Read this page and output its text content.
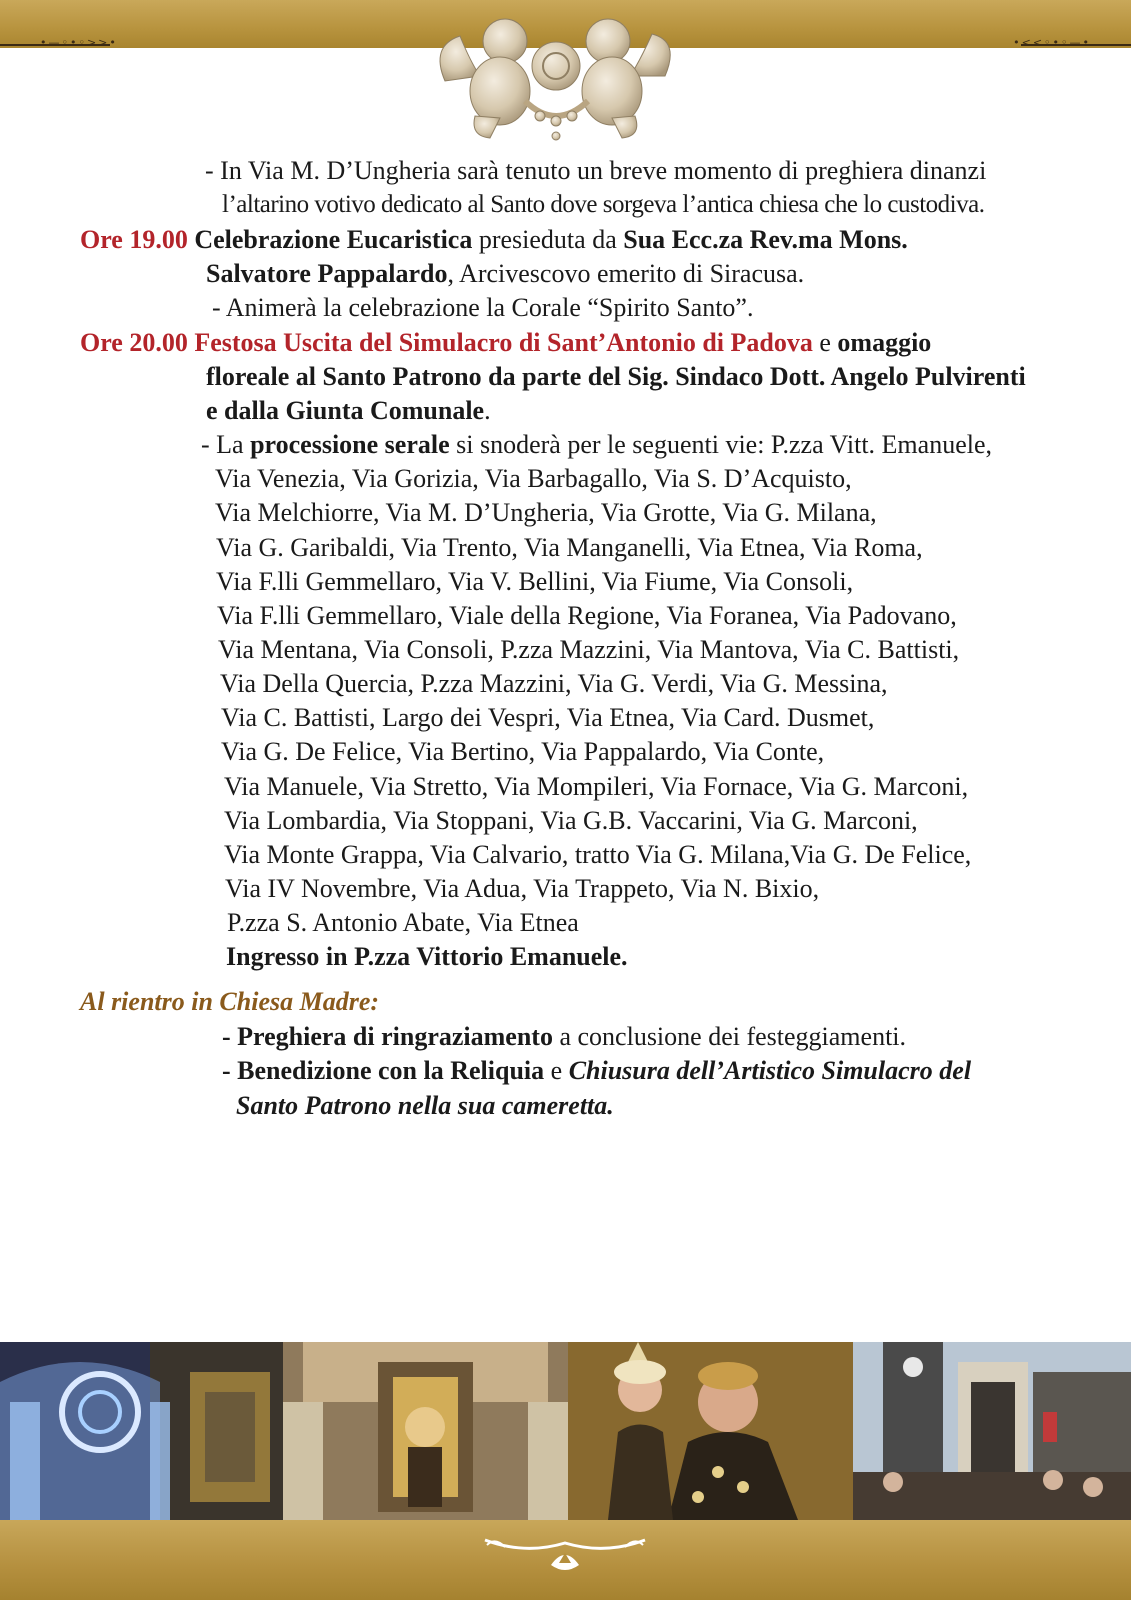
•—◦•◦>>•	•<<◦•◦—•
- In Via M. D’Ungheria sarà tenuto un breve momento di preghiera dinanzi
l’altarino votivo dedicato al Santo dove sorgeva l’antica chiesa che lo custodiva.
Ore 19.00 Celebrazione Eucaristica presieduta da Sua Ecc.za Rev.ma Mons.
Salvatore Pappalardo, Arcivescovo emerito di Siracusa.
- Animerà la celebrazione la Corale “Spirito Santo”.
Ore 20.00 Festosa Uscita del Simulacro di Sant’Antonio di Padova e omaggio
floreale al Santo Patrono da parte del Sig. Sindaco Dott. Angelo Pulvirenti
e dalla Giunta Comunale.
- La processione serale si snoderà per le seguenti vie: P.zza Vitt. Emanuele,
Via Venezia, Via Gorizia, Via Barbagallo, Via S. D’Acquisto,
Via Melchiorre, Via M. D’Ungheria, Via Grotte, Via G. Milana,
Via G. Garibaldi, Via Trento, Via Manganelli, Via Etnea, Via Roma,
Via F.lli Gemmellaro, Via V. Bellini, Via Fiume, Via Consoli,
Via F.lli Gemmellaro, Viale della Regione, Via Foranea, Via Padovano,
Via Mentana, Via Consoli, P.zza Mazzini, Via Mantova, Via C. Battisti,
Via Della Quercia, P.zza Mazzini, Via G. Verdi, Via G. Messina,
Via C. Battisti, Largo dei Vespri, Via Etnea, Via Card. Dusmet,
Via G. De Felice, Via Bertino, Via Pappalardo, Via Conte,
Via Manuele, Via Stretto, Via Mompileri, Via Fornace, Via G. Marconi,
Via Lombardia, Via Stoppani, Via G.B. Vaccarini, Via G. Marconi,
Via Monte Grappa, Via Calvario, tratto Via G. Milana,Via G. De Felice,
Via IV Novembre, Via Adua, Via Trappeto, Via N. Bixio,
P.zza S. Antonio Abate, Via Etnea
Ingresso in P.zza Vittorio Emanuele.
Al rientro in Chiesa Madre:
- Preghiera di ringraziamento a conclusione dei festeggiamenti.
- Benedizione con la Reliquia e Chiusura dell’Artistico Simulacro del
Santo Patrono nella sua cameretta.
